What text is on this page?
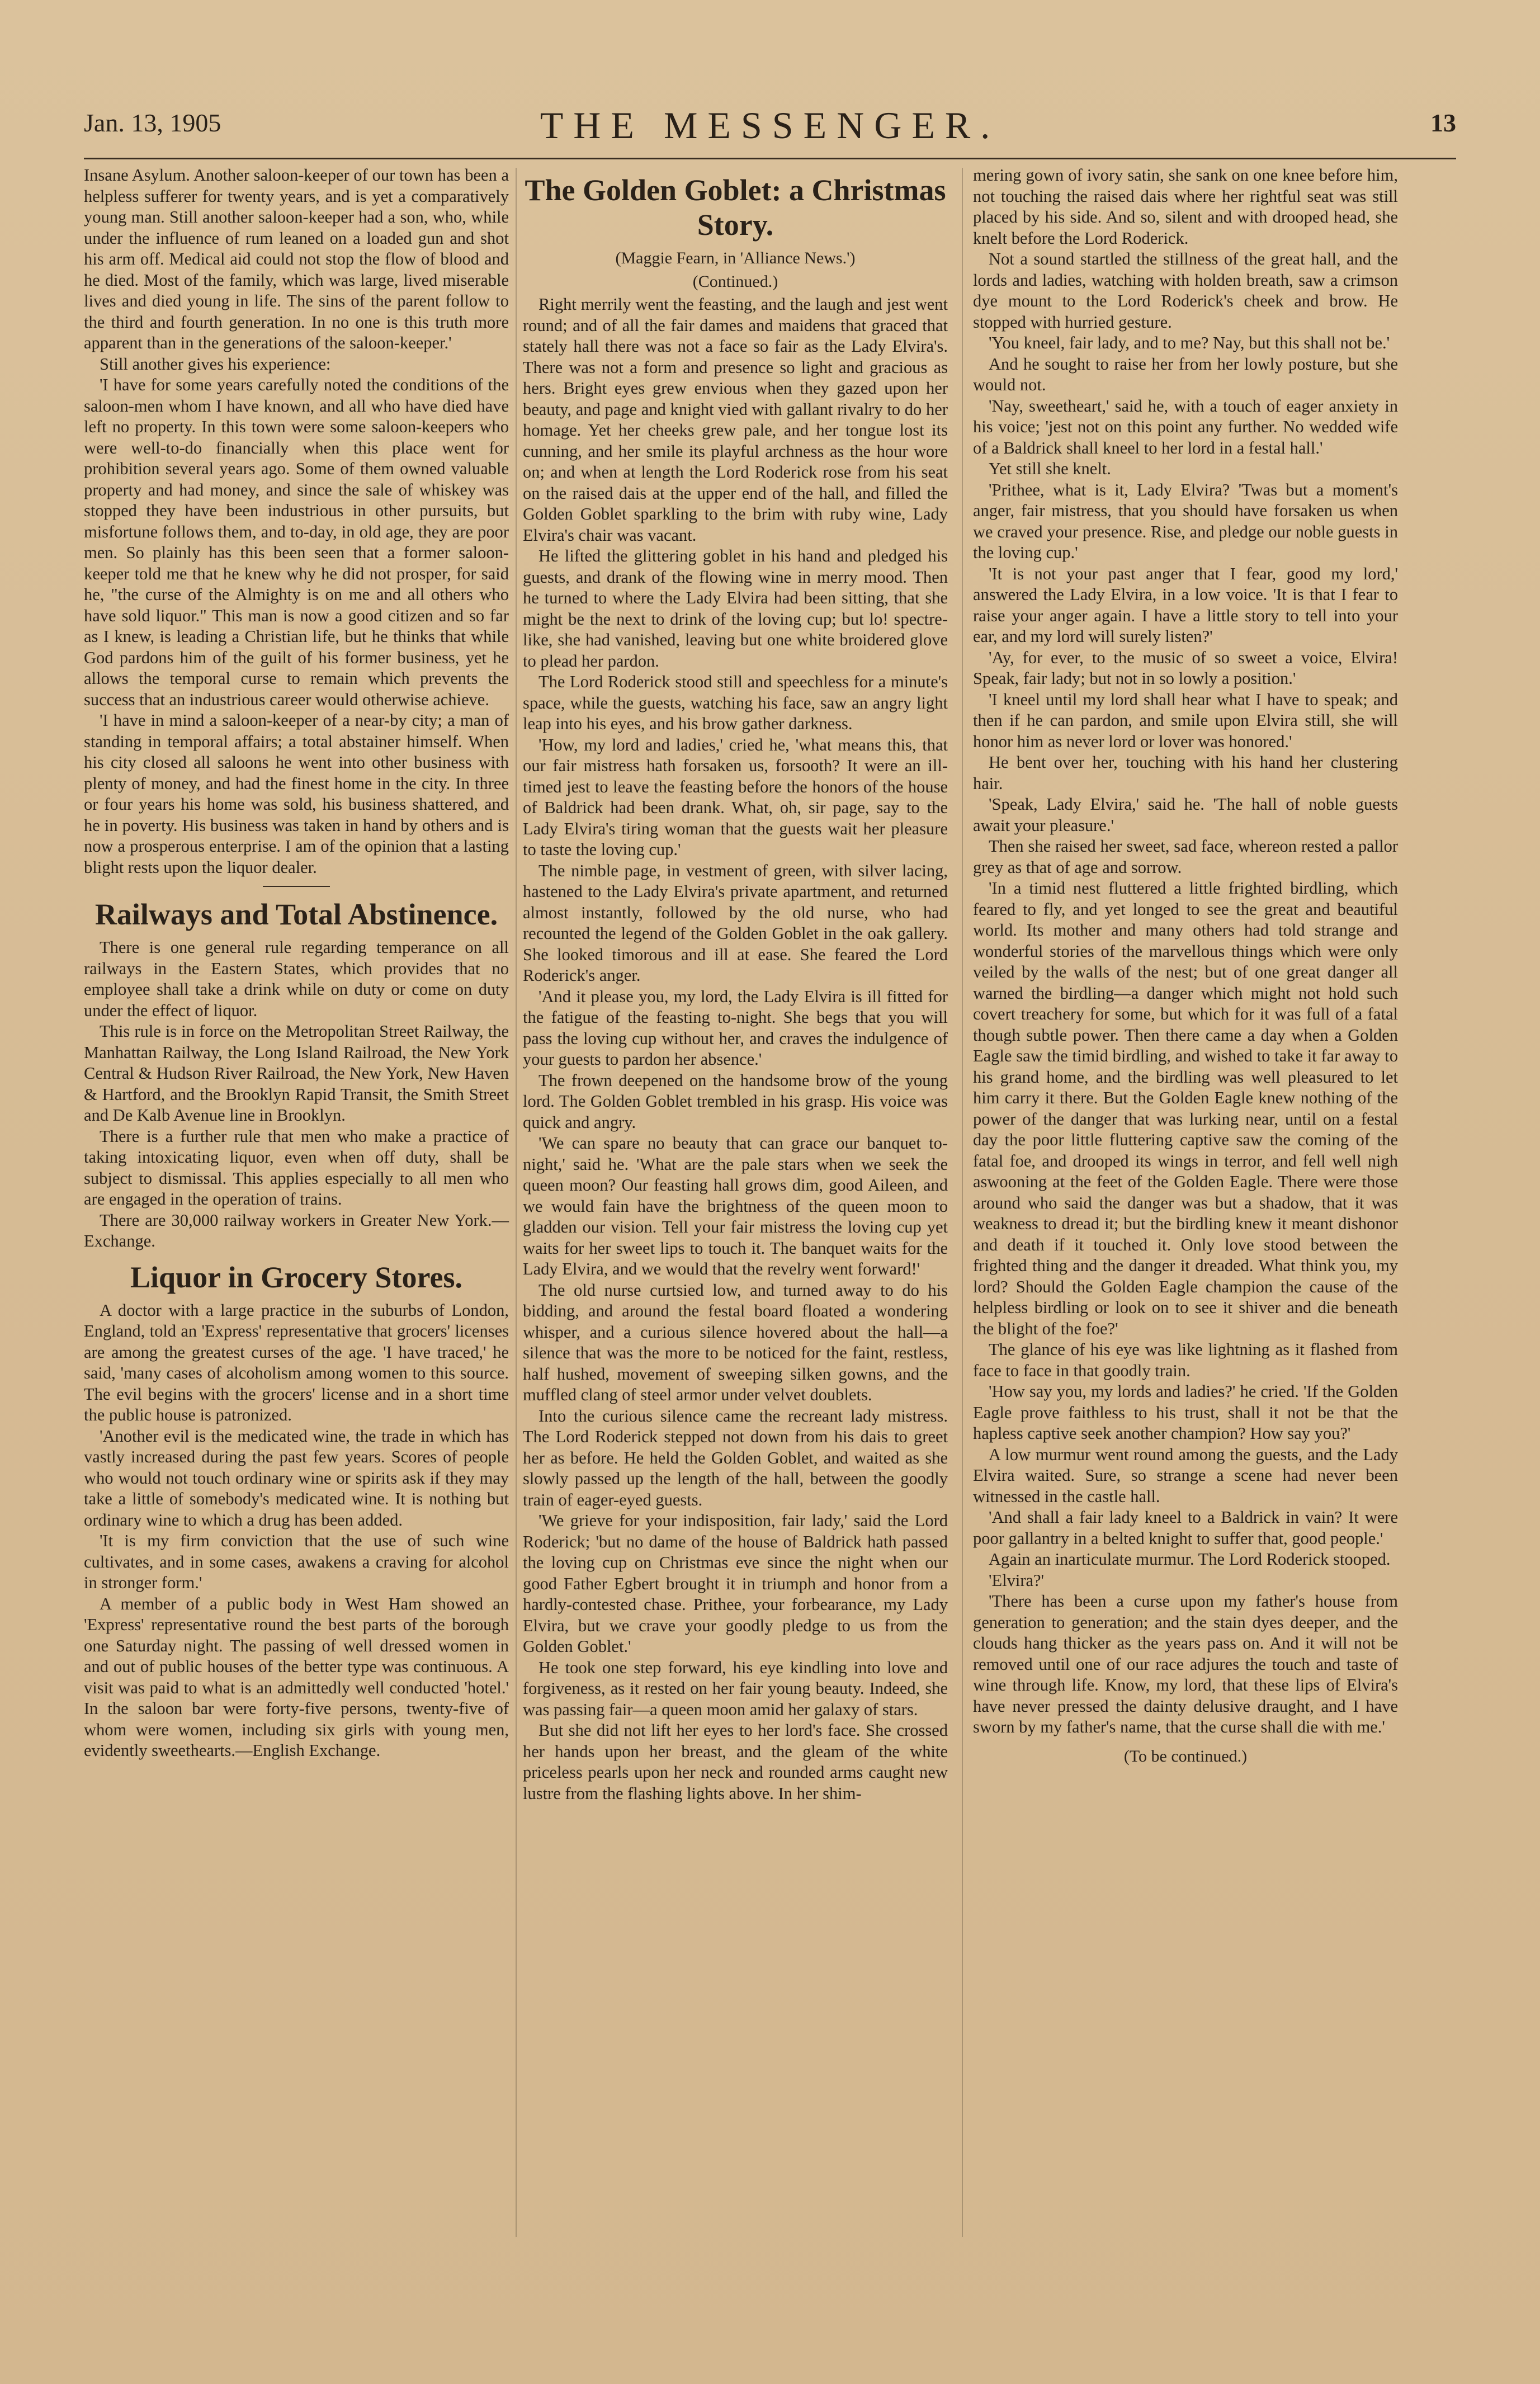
Jan. 13, 1905	THE MESSENGER.	13

Insane Asylum. Another saloon-keeper of our town has been a helpless sufferer for twenty years, and is yet a comparatively young man. Still another saloon-keeper had a son, who, while under the influence of rum leaned on a loaded gun and shot his arm off. Medical aid could not stop the flow of blood and he died. Most of the family, which was large, lived miserable lives and died young in life. The sins of the parent follow to the third and fourth generation. In no one is this truth more apparent than in the generations of the saloon-keeper.'

Still another gives his experience:

'I have for some years carefully noted the conditions of the saloon-men whom I have known, and all who have died have left no property. In this town were some saloon-keepers who were well-to-do financially when this place went for prohibition several years ago. Some of them owned valuable property and had money, and since the sale of whiskey was stopped they have been industrious in other pursuits, but misfortune follows them, and to-day, in old age, they are poor men. So plainly has this been seen that a former saloon-keeper told me that he knew why he did not prosper, for said he, "the curse of the Almighty is on me and all others who have sold liquor." This man is now a good citizen and so far as I knew, is leading a Christian life, but he thinks that while God pardons him of the guilt of his former business, yet he allows the temporal curse to remain which prevents the success that an industrious career would otherwise achieve.

'I have in mind a saloon-keeper of a near-by city; a man of standing in temporal affairs; a total abstainer himself. When his city closed all saloons he went into other business with plenty of money, and had the finest home in the city. In three or four years his home was sold, his business shattered, and he in poverty. His business was taken in hand by others and is now a prosperous enterprise. I am of the opinion that a lasting blight rests upon the liquor dealer.

Railways and Total Abstinence.

There is one general rule regarding temperance on all railways in the Eastern States, which provides that no employee shall take a drink while on duty or come on duty under the effect of liquor.

This rule is in force on the Metropolitan Street Railway, the Manhattan Railway, the Long Island Railroad, the New York Central & Hudson River Railroad, the New York, New Haven & Hartford, and the Brooklyn Rapid Transit, the Smith Street and De Kalb Avenue line in Brooklyn.

There is a further rule that men who make a practice of taking intoxicating liquor, even when off duty, shall be subject to dismissal. This applies especially to all men who are engaged in the operation of trains.

There are 30,000 railway workers in Greater New York.—Exchange.

Liquor in Grocery Stores.

A doctor with a large practice in the suburbs of London, England, told an 'Express' representative that grocers' licenses are among the greatest curses of the age. 'I have traced,' he said, 'many cases of alcoholism among women to this source. The evil begins with the grocers' license and in a short time the public house is patronized.

'Another evil is the medicated wine, the trade in which has vastly increased during the past few years. Scores of people who would not touch ordinary wine or spirits ask if they may take a little of somebody's medicated wine. It is nothing but ordinary wine to which a drug has been added.

'It is my firm conviction that the use of such wine cultivates, and in some cases, awakens a craving for alcohol in stronger form.'

A member of a public body in West Ham showed an 'Express' representative round the best parts of the borough one Saturday night. The passing of well dressed women in and out of public houses of the better type was continuous. A visit was paid to what is an admittedly well conducted 'hotel.' In the saloon bar were forty-five persons, twenty-five of whom were women, including six girls with young men, evidently sweethearts.—English Exchange.

The Golden Goblet: a Christmas Story.
(Maggie Fearn, in 'Alliance News.')
(Continued.)

Right merrily went the feasting, and the laugh and jest went round; and of all the fair dames and maidens that graced that stately hall there was not a face so fair as the Lady Elvira's. There was not a form and presence so light and gracious as hers. Bright eyes grew envious when they gazed upon her beauty, and page and knight vied with gallant rivalry to do her homage. Yet her cheeks grew pale, and her tongue lost its cunning, and her smile its playful archness as the hour wore on; and when at length the Lord Roderick rose from his seat on the raised dais at the upper end of the hall, and filled the Golden Goblet sparkling to the brim with ruby wine, Lady Elvira's chair was vacant.

He lifted the glittering goblet in his hand and pledged his guests, and drank of the flowing wine in merry mood. Then he turned to where the Lady Elvira had been sitting, that she might be the next to drink of the loving cup; but lo! spectre-like, she had vanished, leaving but one white broidered glove to plead her pardon.

The Lord Roderick stood still and speechless for a minute's space, while the guests, watching his face, saw an angry light leap into his eyes, and his brow gather darkness.

'How, my lord and ladies,' cried he, 'what means this, that our fair mistress hath forsaken us, forsooth? It were an ill-timed jest to leave the feasting before the honors of the house of Baldrick had been drank. What, oh, sir page, say to the Lady Elvira's tiring woman that the guests wait her pleasure to taste the loving cup.'

The nimble page, in vestment of green, with silver lacing, hastened to the Lady Elvira's private apartment, and returned almost instantly, followed by the old nurse, who had recounted the legend of the Golden Goblet in the oak gallery. She looked timorous and ill at ease. She feared the Lord Roderick's anger.

'And it please you, my lord, the Lady Elvira is ill fitted for the fatigue of the feasting to-night. She begs that you will pass the loving cup without her, and craves the indulgence of your guests to pardon her absence.'

The frown deepened on the handsome brow of the young lord. The Golden Goblet trembled in his grasp. His voice was quick and angry.

'We can spare no beauty that can grace our banquet to-night,' said he. 'What are the pale stars when we seek the queen moon? Our feasting hall grows dim, good Aileen, and we would fain have the brightness of the queen moon to gladden our vision. Tell your fair mistress the loving cup yet waits for her sweet lips to touch it. The banquet waits for the Lady Elvira, and we would that the revelry went forward!'

The old nurse curtsied low, and turned away to do his bidding, and around the festal board floated a wondering whisper, and a curious silence hovered about the hall—a silence that was the more to be noticed for the faint, restless, half hushed, movement of sweeping silken gowns, and the muffled clang of steel armor under velvet doublets.

Into the curious silence came the recreant lady mistress. The Lord Roderick stepped not down from his dais to greet her as before. He held the Golden Goblet, and waited as she slowly passed up the length of the hall, between the goodly train of eager-eyed guests.

'We grieve for your indisposition, fair lady,' said the Lord Roderick; 'but no dame of the house of Baldrick hath passed the loving cup on Christmas eve since the night when our good Father Egbert brought it in triumph and honor from a hardly-contested chase. Prithee, your forbearance, my Lady Elvira, but we crave your goodly pledge to us from the Golden Goblet.'

He took one step forward, his eye kindling into love and forgiveness, as it rested on her fair young beauty. Indeed, she was passing fair—a queen moon amid her galaxy of stars.

But she did not lift her eyes to her lord's face. She crossed her hands upon her breast, and the gleam of the white priceless pearls upon her neck and rounded arms caught new lustre from the flashing lights above. In her shim-

mering gown of ivory satin, she sank on one knee before him, not touching the raised dais where her rightful seat was still placed by his side. And so, silent and with drooped head, she knelt before the Lord Roderick.

Not a sound startled the stillness of the great hall, and the lords and ladies, watching with holden breath, saw a crimson dye mount to the Lord Roderick's cheek and brow. He stopped with hurried gesture.

'You kneel, fair lady, and to me? Nay, but this shall not be.'

And he sought to raise her from her lowly posture, but she would not.

'Nay, sweetheart,' said he, with a touch of eager anxiety in his voice; 'jest not on this point any further. No wedded wife of a Baldrick shall kneel to her lord in a festal hall.'

Yet still she knelt.

'Prithee, what is it, Lady Elvira? 'Twas but a moment's anger, fair mistress, that you should have forsaken us when we craved your presence. Rise, and pledge our noble guests in the loving cup.'

'It is not your past anger that I fear, good my lord,' answered the Lady Elvira, in a low voice. 'It is that I fear to raise your anger again. I have a little story to tell into your ear, and my lord will surely listen?'

'Ay, for ever, to the music of so sweet a voice, Elvira! Speak, fair lady; but not in so lowly a position.'

'I kneel until my lord shall hear what I have to speak; and then if he can pardon, and smile upon Elvira still, she will honor him as never lord or lover was honored.'

He bent over her, touching with his hand her clustering hair.

'Speak, Lady Elvira,' said he. 'The hall of noble guests await your pleasure.'

Then she raised her sweet, sad face, whereon rested a pallor grey as that of age and sorrow.

'In a timid nest fluttered a little frighted birdling, which feared to fly, and yet longed to see the great and beautiful world. Its mother and many others had told strange and wonderful stories of the marvellous things which were only veiled by the walls of the nest; but of one great danger all warned the birdling—a danger which might not hold such covert treachery for some, but which for it was full of a fatal though subtle power. Then there came a day when a Golden Eagle saw the timid birdling, and wished to take it far away to his grand home, and the birdling was well pleasured to let him carry it there. But the Golden Eagle knew nothing of the power of the danger that was lurking near, until on a festal day the poor little fluttering captive saw the coming of the fatal foe, and drooped its wings in terror, and fell well nigh aswooning at the feet of the Golden Eagle. There were those around who said the danger was but a shadow, that it was weakness to dread it; but the birdling knew it meant dishonor and death if it touched it. Only love stood between the frighted thing and the danger it dreaded. What think you, my lord? Should the Golden Eagle champion the cause of the helpless birdling or look on to see it shiver and die beneath the blight of the foe?'

The glance of his eye was like lightning as it flashed from face to face in that goodly train.

'How say you, my lords and ladies?' he cried. 'If the Golden Eagle prove faithless to his trust, shall it not be that the hapless captive seek another champion? How say you?'

A low murmur went round among the guests, and the Lady Elvira waited. Sure, so strange a scene had never been witnessed in the castle hall.

'And shall a fair lady kneel to a Baldrick in vain? It were poor gallantry in a belted knight to suffer that, good people.'

Again an inarticulate murmur. The Lord Roderick stooped.

'Elvira?'

'There has been a curse upon my father's house from generation to generation; and the stain dyes deeper, and the clouds hang thicker as the years pass on. And it will not be removed until one of our race adjures the touch and taste of wine through life. Know, my lord, that these lips of Elvira's have never pressed the dainty delusive draught, and I have sworn by my father's name, that the curse shall die with me.'

(To be continued.)
